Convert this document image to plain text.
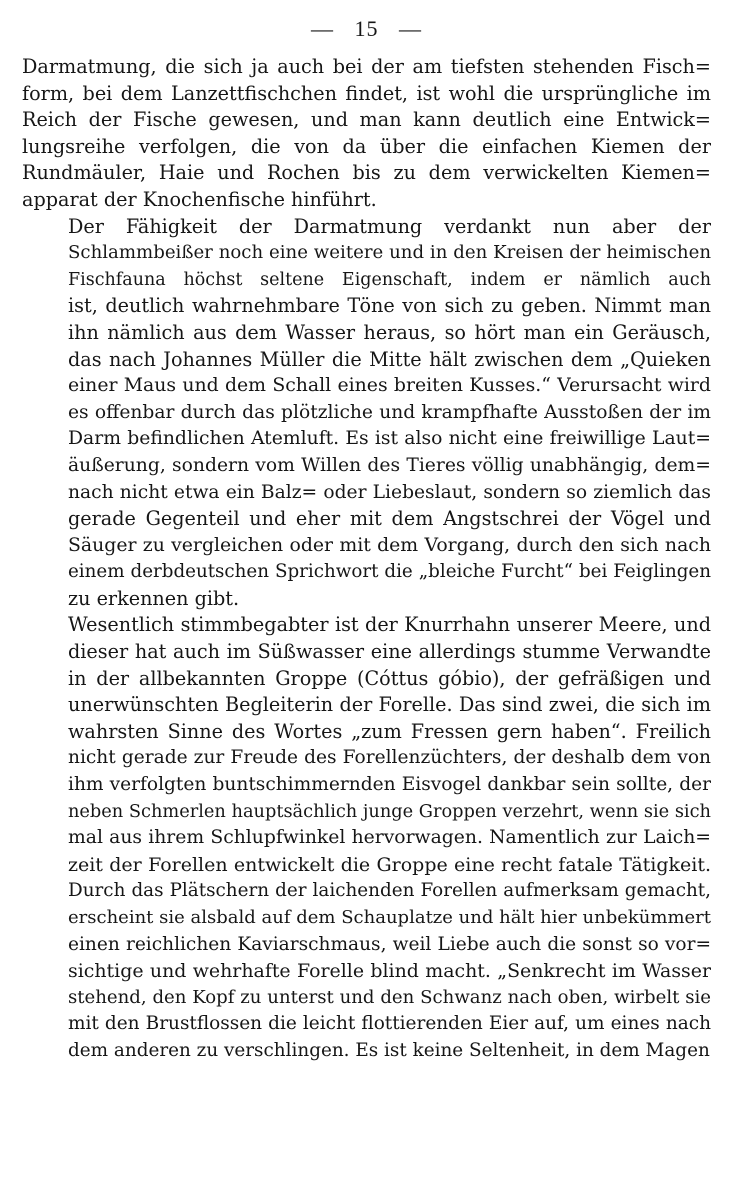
— 15 —
Darmatmung, die sich ja auch bei der am tiefsten stehenden Fisch=
form, bei dem Lanzettfischchen findet, ist wohl die ursprüngliche im
Reich der Fische gewesen, und man kann deutlich eine Entwick=
lungsreihe verfolgen, die von da über die einfachen Kiemen der
Rundmäuler, Haie und Rochen bis zu dem verwickelten Kiemen=
apparat der Knochenfische hinführt.
Der Fähigkeit der Darmatmung verdankt nun aber der
Schlammbeißer noch eine weitere und in den Kreisen der heimischen
Fischfauna höchst seltene Eigenschaft, indem er nämlich auch
ist, deutlich wahrnehmbare Töne von sich zu geben. Nimmt man
ihn nämlich aus dem Wasser heraus, so hört man ein Geräusch,
das nach Johannes Müller die Mitte hält zwischen dem „Quieken
einer Maus und dem Schall eines breiten Kusses.“ Verursacht wird
es offenbar durch das plötzliche und krampfhafte Ausstoßen der im
Darm befindlichen Atemluft. Es ist also nicht eine freiwillige Laut=
äußerung, sondern vom Willen des Tieres völlig unabhängig, dem=
nach nicht etwa ein Balz= oder Liebeslaut, sondern so ziemlich das
gerade Gegenteil und eher mit dem Angstschrei der Vögel und
Säuger zu vergleichen oder mit dem Vorgang, durch den sich nach
einem derbdeutschen Sprichwort die „bleiche Furcht“ bei Feiglingen
zu erkennen gibt.
Wesentlich stimmbegabter ist der Knurrhahn unserer Meere, und
dieser hat auch im Süßwasser eine allerdings stumme Verwandte
in der allbekannten Groppe (Cóttus góbio), der gefräßigen und
unerwünschten Begleiterin der Forelle. Das sind zwei, die sich im
wahrsten Sinne des Wortes „zum Fressen gern haben“. Freilich
nicht gerade zur Freude des Forellenzüchters, der deshalb dem von
ihm verfolgten buntschimmernden Eisvogel dankbar sein sollte, der
neben Schmerlen hauptsächlich junge Groppen verzehrt, wenn sie sich
mal aus ihrem Schlupfwinkel hervorwagen. Namentlich zur Laich=
zeit der Forellen entwickelt die Groppe eine recht fatale Tätigkeit.
Durch das Plätschern der laichenden Forellen aufmerksam gemacht,
erscheint sie alsbald auf dem Schauplatze und hält hier unbekümmert
einen reichlichen Kaviarschmaus, weil Liebe auch die sonst so vor=
sichtige und wehrhafte Forelle blind macht. „Senkrecht im Wasser
stehend, den Kopf zu unterst und den Schwanz nach oben, wirbelt sie
mit den Brustflossen die leicht flottierenden Eier auf, um eines nach
dem anderen zu verschlingen. Es ist keine Seltenheit, in dem Magen
